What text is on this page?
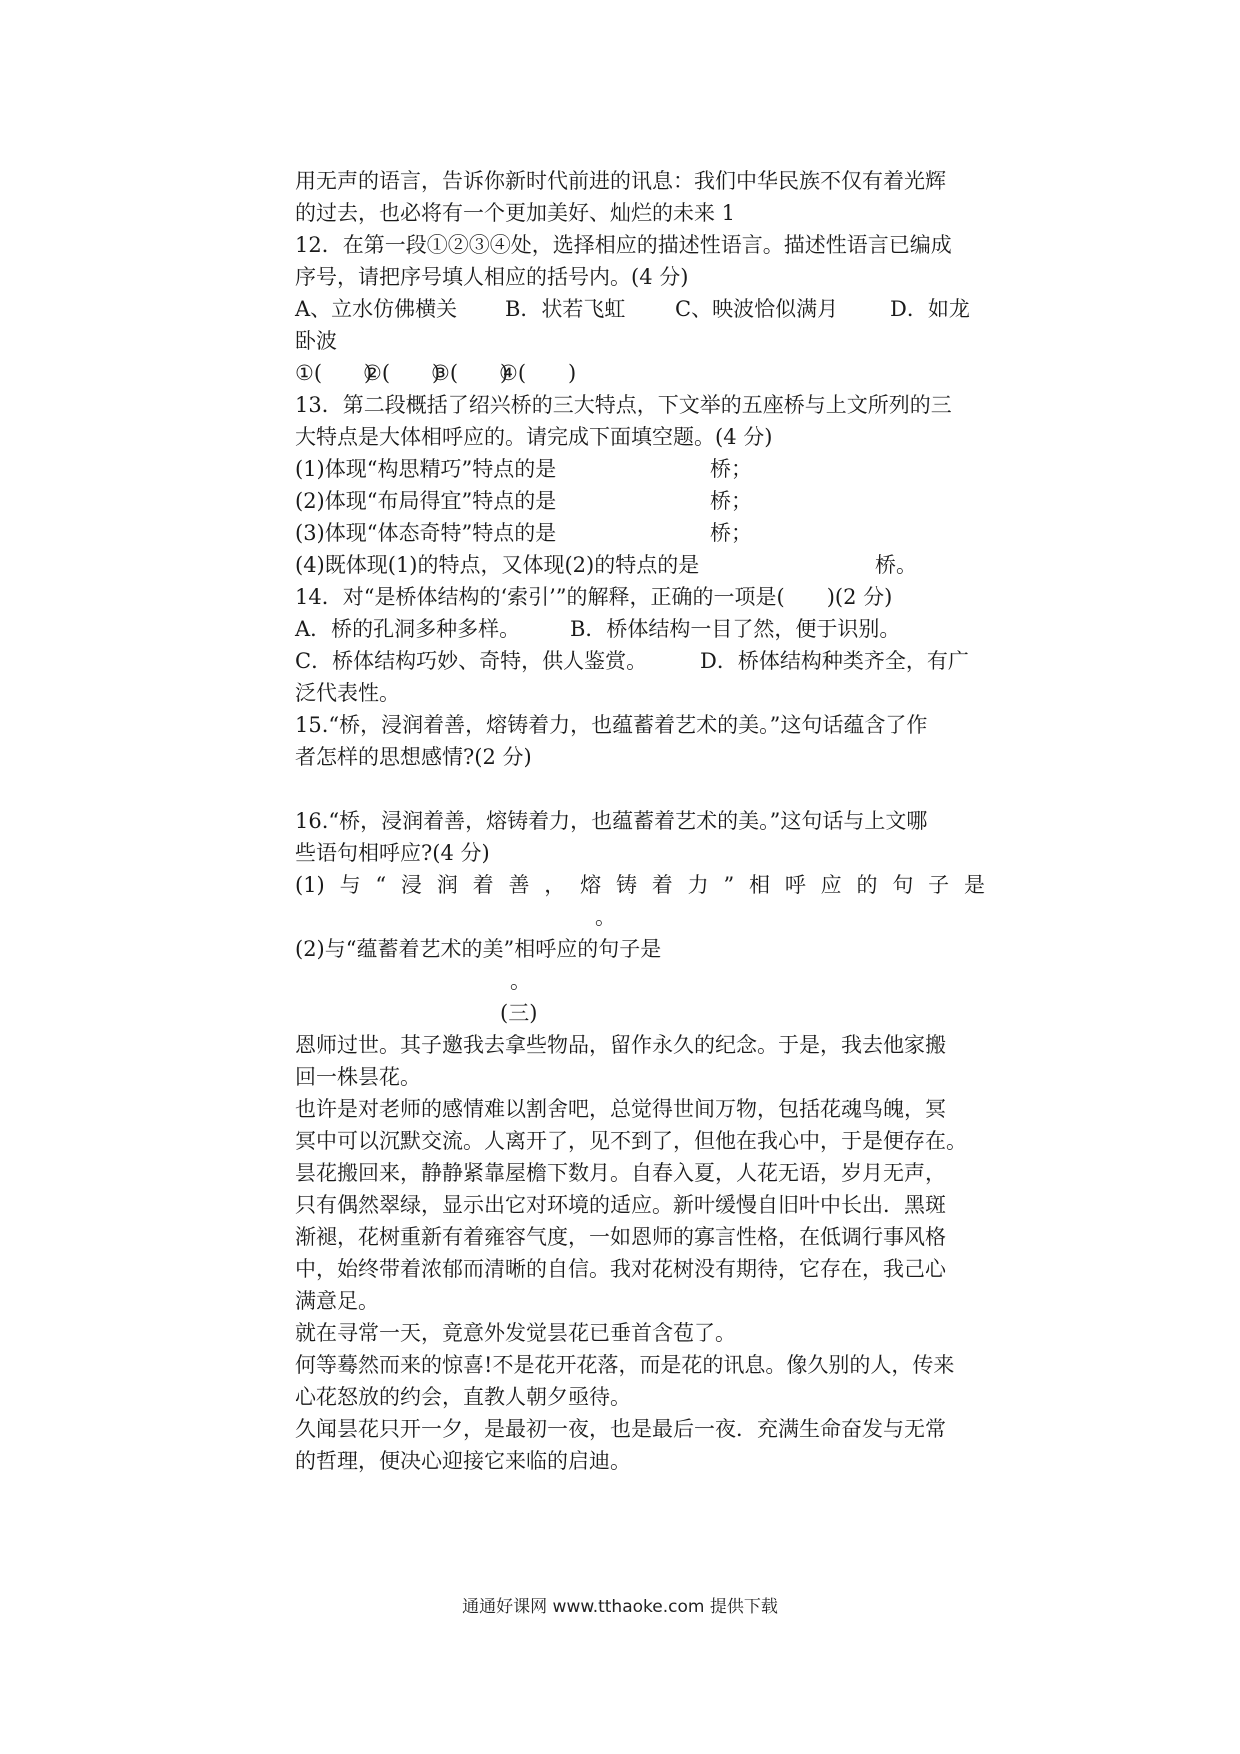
用无声的语言，告诉你新时代前进的讯息：我们中华民族不仅有着光辉
的过去，也必将有一个更加美好、灿烂的未来 1
12．在第一段①②③④处，选择相应的描述性语言。描述性语言已编成
序号，请把序号填人相应的括号内。(4 分)
A、立水仿佛横关 B．状若飞虹 C、映波恰似满月 D．如龙
卧波
①(　　)②(　　)③(　　)④(　　)
13．第二段概括了绍兴桥的三大特点，下文举的五座桥与上文所列的三
大特点是大体相呼应的。请完成下面填空题。(4 分)
(1)体现“构思精巧”特点的是	桥；
(2)体现“布局得宜”特点的是	桥；
(3)体现“体态奇特”特点的是	桥；
(4)既体现(1)的特点，又体现(2)的特点的是	桥。
14．对“是桥体结构的‘索引’”的解释，正确的一项是(　　)(2 分)
A．桥的孔洞多种多样。 B．桥体结构一目了然，便于识别。
C．桥体结构巧妙、奇特，供人鉴赏。	D．桥体结构种类齐全，有广
泛代表性。
15.“桥，浸润着善，熔铸着力，也蕴蓄着艺术的美。”这句话蕴含了作
者怎样的思想感情?(2 分)
16.“桥，浸润着善，熔铸着力，也蕴蓄着艺术的美。”这句话与上文哪
些语句相呼应?(4 分)
(1) 与 “ 浸 润 着 善 ， 熔 铸 着 力 ” 相 呼 应 的 句 子 是
。
(2)与“蕴蓄着艺术的美”相呼应的句子是
。
(三)
恩师过世。其子邀我去拿些物品，留作永久的纪念。于是，我去他家搬
回一株昙花。
也许是对老师的感情难以割舍吧，总觉得世间万物，包括花魂鸟魄，冥
冥中可以沉默交流。人离开了，见不到了，但他在我心中，于是便存在。
昙花搬回来，静静紧靠屋檐下数月。自春入夏，人花无语，岁月无声，
只有偶然翠绿，显示出它对环境的适应。新叶缓慢自旧叶中长出．黑斑
渐褪，花树重新有着雍容气度，一如恩师的寡言性格，在低调行事风格
中，始终带着浓郁而清晰的自信。我对花树没有期待，它存在，我己心
满意足。
就在寻常一天，竟意外发觉昙花已垂首含苞了。
何等蓦然而来的惊喜!不是花开花落，而是花的讯息。像久别的人，传来
心花怒放的约会，直教人朝夕亟待。
久闻昙花只开一夕，是最初一夜，也是最后一夜．充满生命奋发与无常
的哲理，便决心迎接它来临的启迪。
通通好课网 www.tthaoke.com 提供下载
